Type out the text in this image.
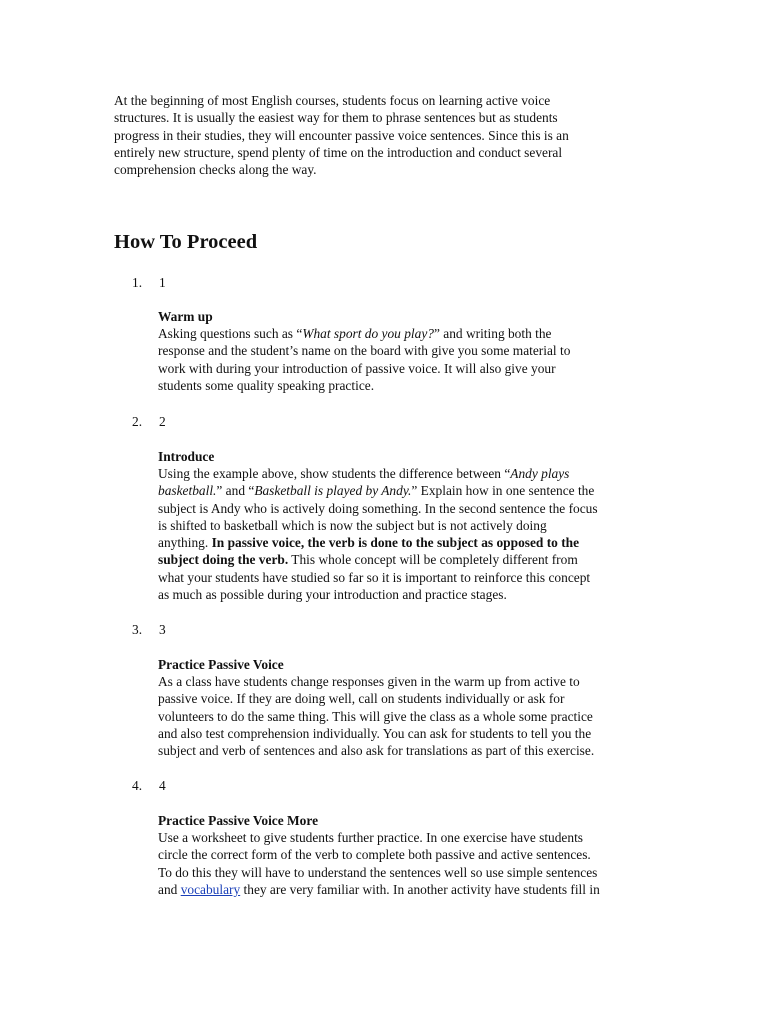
At the beginning of most English courses, students focus on learning active voice
structures. It is usually the easiest way for them to phrase sentences but as students
progress in their studies, they will encounter passive voice sentences. Since this is an
entirely new structure, spend plenty of time on the introduction and conduct several
comprehension checks along the way.

How To Proceed

1. 1

Warm up

Asking questions such as “What sport do you play?” and writing both the
response and the student’s name on the board with give you some material to
work with during your introduction of passive voice. It will also give your
students some quality speaking practice.

2. 2

Introduce

Using the example above, show students the difference between “Andy plays
basketball.” and “Basketball is played by Andy.” Explain how in one sentence the
subject is Andy who is actively doing something. In the second sentence the focus
is shifted to basketball which is now the subject but is not actively doing
anything. In passive voice, the verb is done to the subject as opposed to the
subject doing the verb. This whole concept will be completely different from
what your students have studied so far so it is important to reinforce this concept
as much as possible during your introduction and practice stages.

3. 3

Practice Passive Voice

As a class have students change responses given in the warm up from active to
passive voice. If they are doing well, call on students individually or ask for
volunteers to do the same thing. This will give the class as a whole some practice
and also test comprehension individually. You can ask for students to tell you the
subject and verb of sentences and also ask for translations as part of this exercise.

4. 4

Practice Passive Voice More

Use a worksheet to give students further practice. In one exercise have students
circle the correct form of the verb to complete both passive and active sentences.
To do this they will have to understand the sentences well so use simple sentences
and vocabulary they are very familiar with. In another activity have students fill in
